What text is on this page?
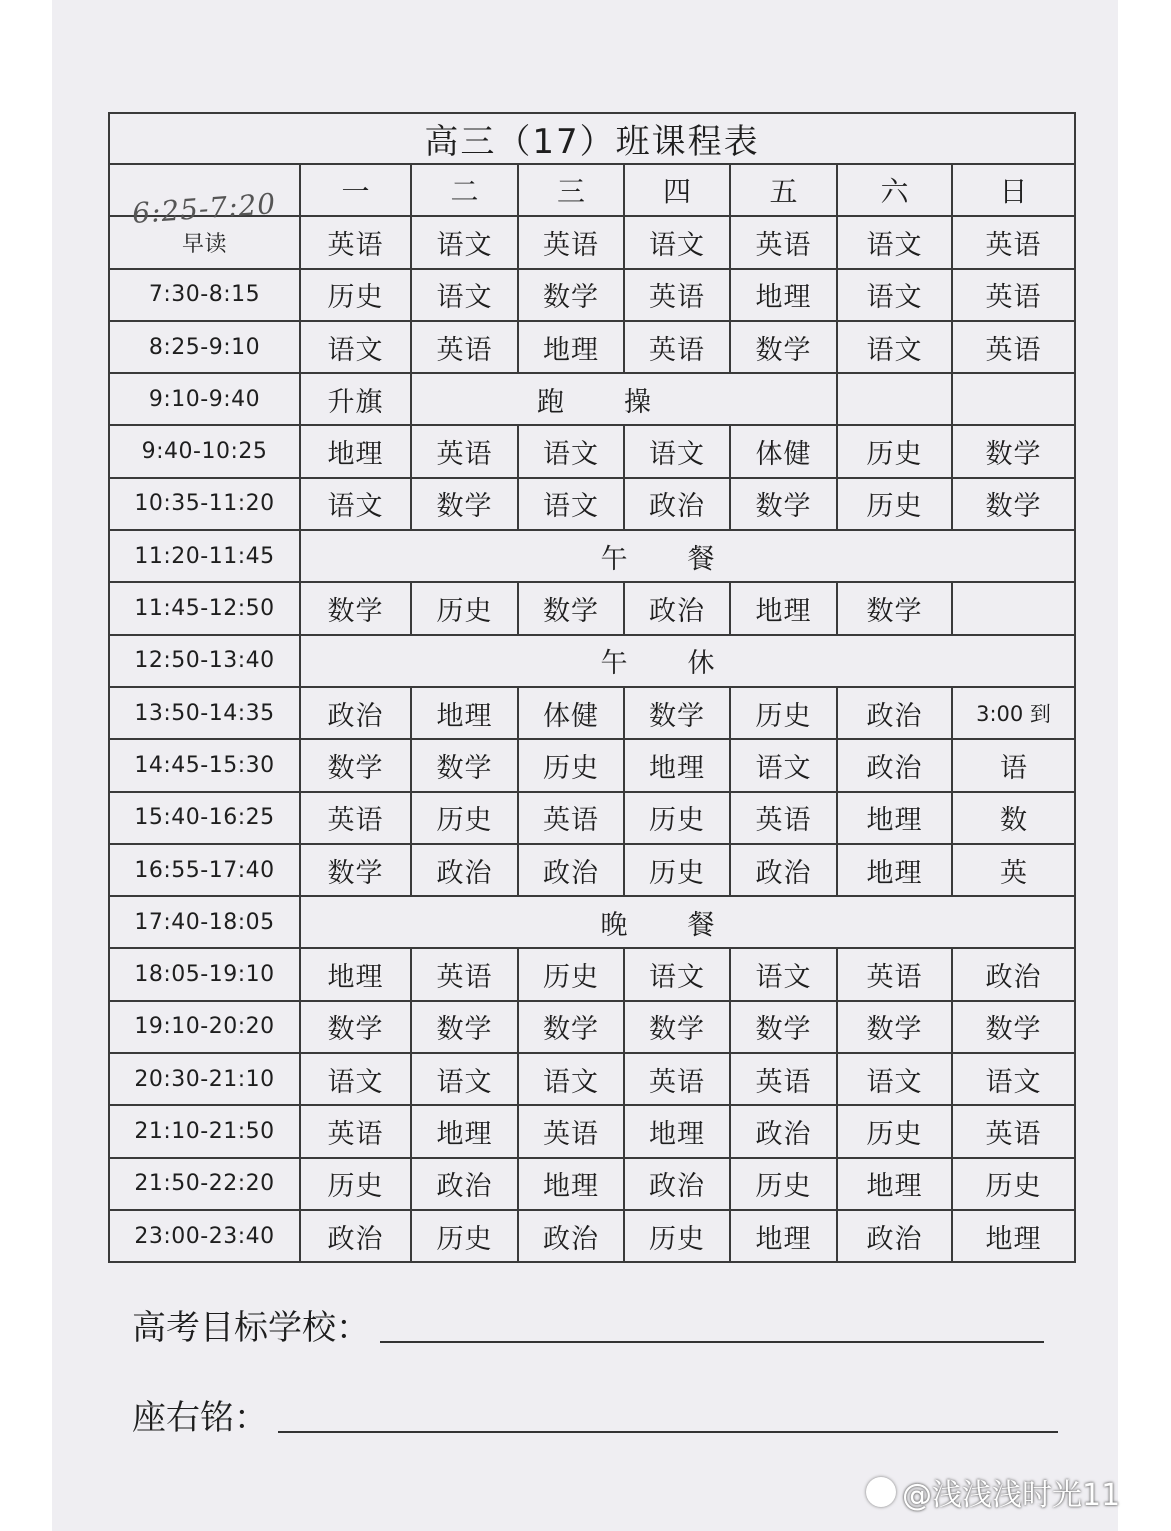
高三（17）班课程表								
	一	二	三	四	五	六	日	
早读	英语	语文	英语	语文	英语	语文	英语	
7:30-8:15	历史	语文	数学	英语	地理	语文	英语	
8:25-9:10	语文	英语	地理	英语	数学	语文	英语	
9:10-9:40	升旗	跑操						
9:40-10:25	地理	英语	语文	语文	体健	历史	数学	
10:35-11:20	语文	数学	语文	政治	数学	历史	数学	
11:20-11:45	午餐							
11:45-12:50	数学	历史	数学	政治	地理	数学		
12:50-13:40	午休							
13:50-14:35	政治	地理	体健	数学	历史	政治	3:00 到	
14:45-15:30	数学	数学	历史	地理	语文	政治	语	
15:40-16:25	英语	历史	英语	历史	英语	地理	数	
16:55-17:40	数学	政治	政治	历史	政治	地理	英	
17:40-18:05	晚餐							
18:05-19:10	地理	英语	历史	语文	语文	英语	政治	
19:10-20:20	数学	数学	数学	数学	数学	数学	数学	
20:30-21:10	语文	语文	语文	英语	英语	语文	语文	
21:10-21:50	英语	地理	英语	地理	政治	历史	英语	
21:50-22:20	历史	政治	地理	政治	历史	地理	历史	
23:00-23:40	政治	历史	政治	历史	地理	政治	地理	
6:25-7:20
高考目标学校：
座右铭：
@浅浅浅时光11
